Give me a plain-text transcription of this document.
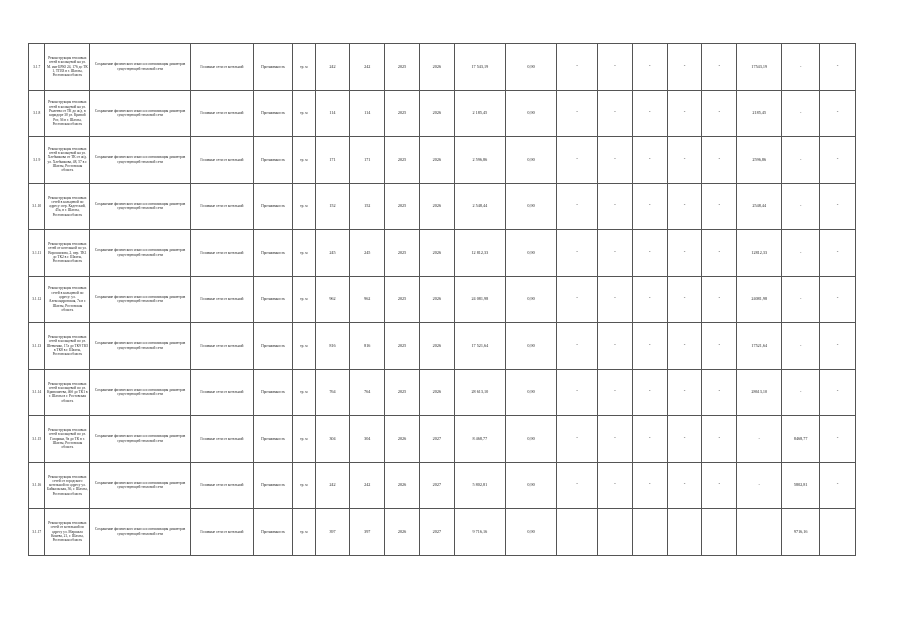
3.1.7	Реконструкция тепловых сетей в кольцевой на ул. М. инт БРЮ 24, 176 до ТК 1, ТПЗЗ в г. Шахты, Ростовская область	Сохранение физического износа и оптимизация диаметров существующей тепловой сети	Головные сети от котельной	Протяженность	тр. м	242	242	2025	2026	17 543,19	0,90	-	-	-	-	-	17543,19	-	-
3.1.8	Реконструкция тепловых сетей в кольцевой на ул. Рылеева от ТК до ж/д. в коридоре 30 ул. Кривой Рог, 36 в г. Шахты, Ростовская область	Сохранение физического износа и оптимизация диаметров существующей тепловой сети	Головные сети от котельной	Протяженность	тр. м	114	114	2025	2026	2 185,45	0,90	-	-	-	-	-	2185,45	-	-
3.1.9	Реконструкция тепловых сетей в кольцевой на ул. Хлебникова от ТК от ж/д. ул. Хлебникова, 48, 57 в г. Шахты, Ростовская область	Сохранение физического износа и оптимизация диаметров существующей тепловой сети	Головные сети от котельной	Протяженность	тр. м	171	171	2025	2026	2 596,86	0,90	-	-	-	-	-	2596,86	-	-
3.1.10	Реконструкция тепловых сетей в кольцевой по адресу: пер. Кадетский, 45а, в г. Шахты, Ростовская область	Сохранение физического износа и оптимизация диаметров существующей тепловой сети	Головные сети от котельной	Протяженность	тр. м	152	152	2025	2026	2 548,44	0,90	-	-	-	-	-	2548,44	-	-
3.1.11	Реконструкция тепловых сетей от котельной по ул. Ворошилова, 2, пер. ТК1 до ТК2 в г. Шахты, Ростовская область	Сохранение физического износа и оптимизация диаметров существующей тепловой сети	Головные сети от котельной	Протяженность	тр. м	245	245	2025	2026	12 812,33	0,90	-	-	-	-	-	12812,33	-	-
3.1.12	Реконструкция тепловых сетей в кольцевой по адресу: ул. Александровская, 7а в г. Шахты, Ростовская область	Сохранение физического износа и оптимизация диаметров существующей тепловой сети	Головные сети от котельной	Протяженность	тр. м	962	962	2025	2026	24 081,98	0,90	-	-	-	-	-	24081,98	-	-
3.1.13	Реконструкция тепловых сетей в кольцевой по ул. Шевченко, 17а до ТК9 ТК5 в ТК8 в г. Шахты, Ростовская область	Сохранение физического износа и оптимизация диаметров существующей тепловой сети	Головные сети от котельной	Протяженность	тр. м	816	816	2025	2026	17 521,64	0,90	-	-	-	-	-	17521,64	-	-
3.1.14	Реконструкция тепловых сетей в кольцевой по ул. Кривошеева, 46б до ТК1 в г. Шахты в г. Ростовская область	Сохранение физического износа и оптимизация диаметров существующей тепловой сети	Головные сети от котельной	Протяженность	тр. м	764	764	2025	2026	28 613,10	0,90	-	-	-	-	-	28613,10	-	-
3.1.15	Реконструкция тепловых сетей в кольцевой по ул. Гагарина, 9а до ТК в г. Шахты, Ростовская область	Сохранение физического износа и оптимизация диаметров существующей тепловой сети	Головные сети от котельной	Протяженность	тр. м	304	304	2026	2027	8 468,77	0,90	-	-	-	-	-	-	8468,77	-
3.1.16	Реконструкция тепловых сетей от городского котельной по адресу ул. Байкальская, 36, г. Шахты, Ростовская область	Сохранение физического износа и оптимизация диаметров существующей тепловой сети	Головные сети от котельной	Протяженность	тр. м	242	242	2026	2027	5 802,81	0,90	-	-	-	-	-	-	5802,81	-
3.1.17	Реконструкция тепловых сетей от котельной по адресу ул. Маршала Конева, 21, г. Шахты, Ростовская область	Сохранение физического износа и оптимизация диаметров существующей тепловой сети	Головные сети от котельной	Протяженность	тр. м	397	397	2026	2027	9 716,16	0,90							9716,16	
